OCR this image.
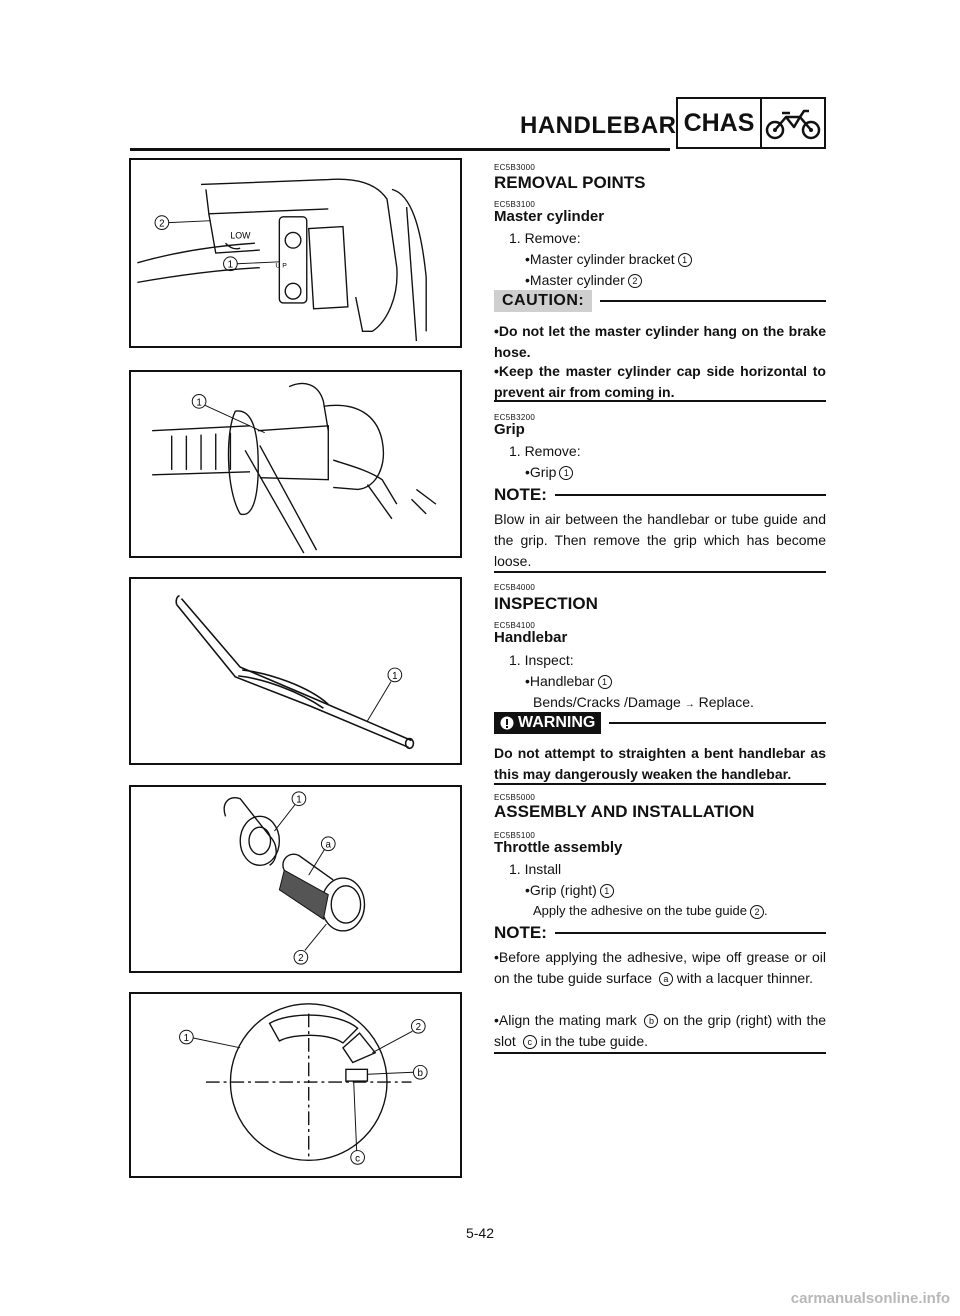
HANDLEBAR CHAS
LOW
U P
2
1
1
1
1
a
2
1
2
b
c
EC5B3000
REMOVAL POINTS
EC5B3100
Master cylinder
1. Remove:
•Master cylinder bracket 1
•Master cylinder 2
CAUTION:
•Do not let the master cylinder hang on the brake hose.
•Keep the master cylinder cap side horizontal to prevent air from coming in.
EC5B3200
Grip
1. Remove:
•Grip 1
NOTE:
Blow in air between the handlebar or tube guide and the grip. Then remove the grip which has become loose.
EC5B4000
INSPECTION
EC5B4100
Handlebar
1. Inspect:
•Handlebar 1
Bends/Cracks /Damage → Replace.
WARNING
Do not attempt to straighten a bent handlebar as this may dangerously weaken the handlebar.
EC5B5000
ASSEMBLY AND INSTALLATION
EC5B5100
Throttle assembly
1. Install
•Grip (right) 1
Apply the adhesive on the tube guide 2 .
NOTE:
•Before applying the adhesive, wipe off grease or oil on the tube guide surface a with a lacquer thinner.
•Align the mating mark b on the grip (right) with the slot c in the tube guide.
5-42
carmanualsonline.info
